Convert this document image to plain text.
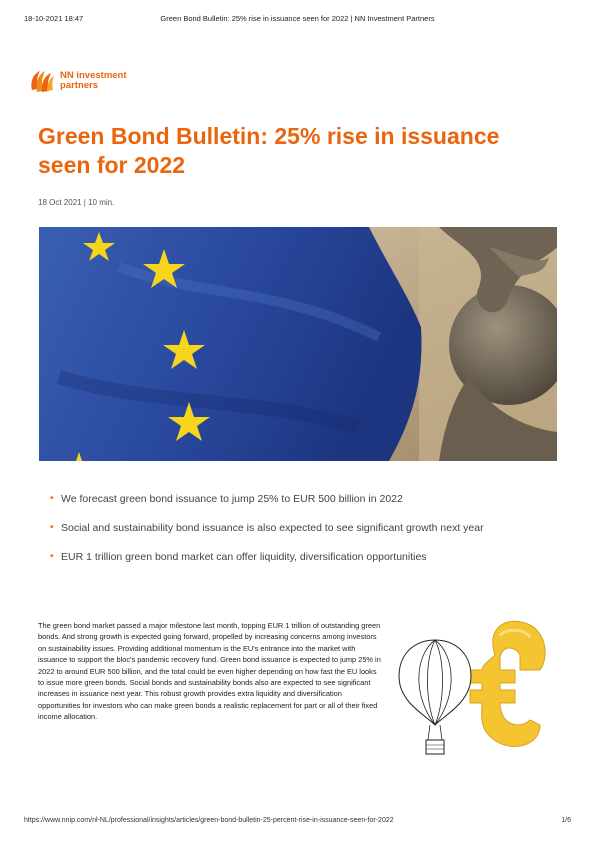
18-10-2021 18:47	Green Bond Bulletin: 25% rise in issuance seen for 2022 | NN Investment Partners
NN investment
partners
Green Bond Bulletin: 25% rise in issuance seen for 2022
18 Oct 2021 | 10 min.
• We forecast green bond issuance to jump 25% to EUR 500 billion in 2022
• Social and sustainability bond issuance is also expected to see significant growth next year
• EUR 1 trillion green bond market can offer liquidity, diversification opportunities

The green bond market passed a major milestone last month, topping EUR 1 trillion of outstanding green bonds. And strong growth is expected going forward, propelled by increasing concerns among investors on sustainability issues. Providing additional momentum is the EU's entrance into the market with issuance to support the bloc's pandemic recovery fund. Green bond issuance is expected to jump 25% in 2022 to around EUR 500 billion, and the total could be even higher depending on how fast the EU looks to issue more green bonds. Social bonds and sustainability bonds also are expected to see significant increases in issuance next year. This robust growth provides extra liquidity and diversification opportunities for investors who can make green bonds a realistic replacement for part or all of their fixed income allocation.

https://www.nnip.com/nl-NL/professional/insights/articles/green-bond-bulletin-25-percent-rise-in-issuance-seen-for-2022	1/6
